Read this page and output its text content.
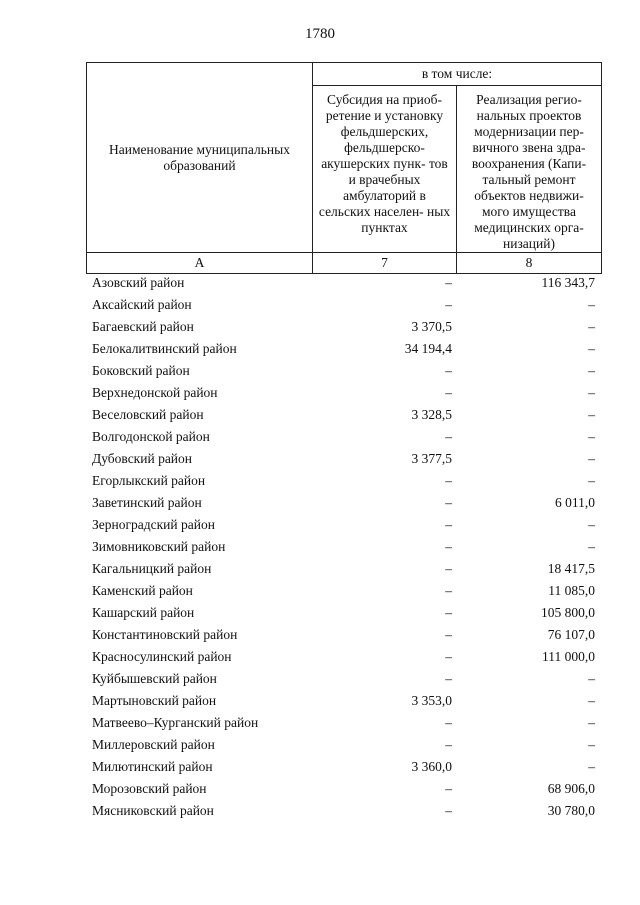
1780
Наименование муниципальных образований	в том числе:	
	Субсидия на приоб- ретение и установку фельдшерских, фельдшерско- акушерских пунк- тов и врачебных амбулаторий в сельских населен- ных пунктах	Реализация регио- нальных проектов модернизации пер- вичного звена здра- воохранения (Капи- тальный ремонт объектов недвижи- мого имущества медицинских орга- низаций)
А	7	8
Азовский район	–	116 343,7
Аксайский район	–	–
Багаевский район	3 370,5	–
Белокалитвинский район	34 194,4	–
Боковский район	–	–
Верхнедонской район	–	–
Веселовский район	3 328,5	–
Волгодонской район	–	–
Дубовский район	3 377,5	–
Егорлыкский район	–	–
Заветинский район	–	6 011,0
Зерноградский район	–	–
Зимовниковский район	–	–
Кагальницкий район	–	18 417,5
Каменский район	–	11 085,0
Кашарский район	–	105 800,0
Константиновский район	–	76 107,0
Красносулинский район	–	111 000,0
Куйбышевский район	–	–
Мартыновский район	3 353,0	–
Матвеево–Курганский район	–	–
Миллеровский район	–	–
Милютинский район	3 360,0	–
Морозовский район	–	68 906,0
Мясниковский район	–	30 780,0
